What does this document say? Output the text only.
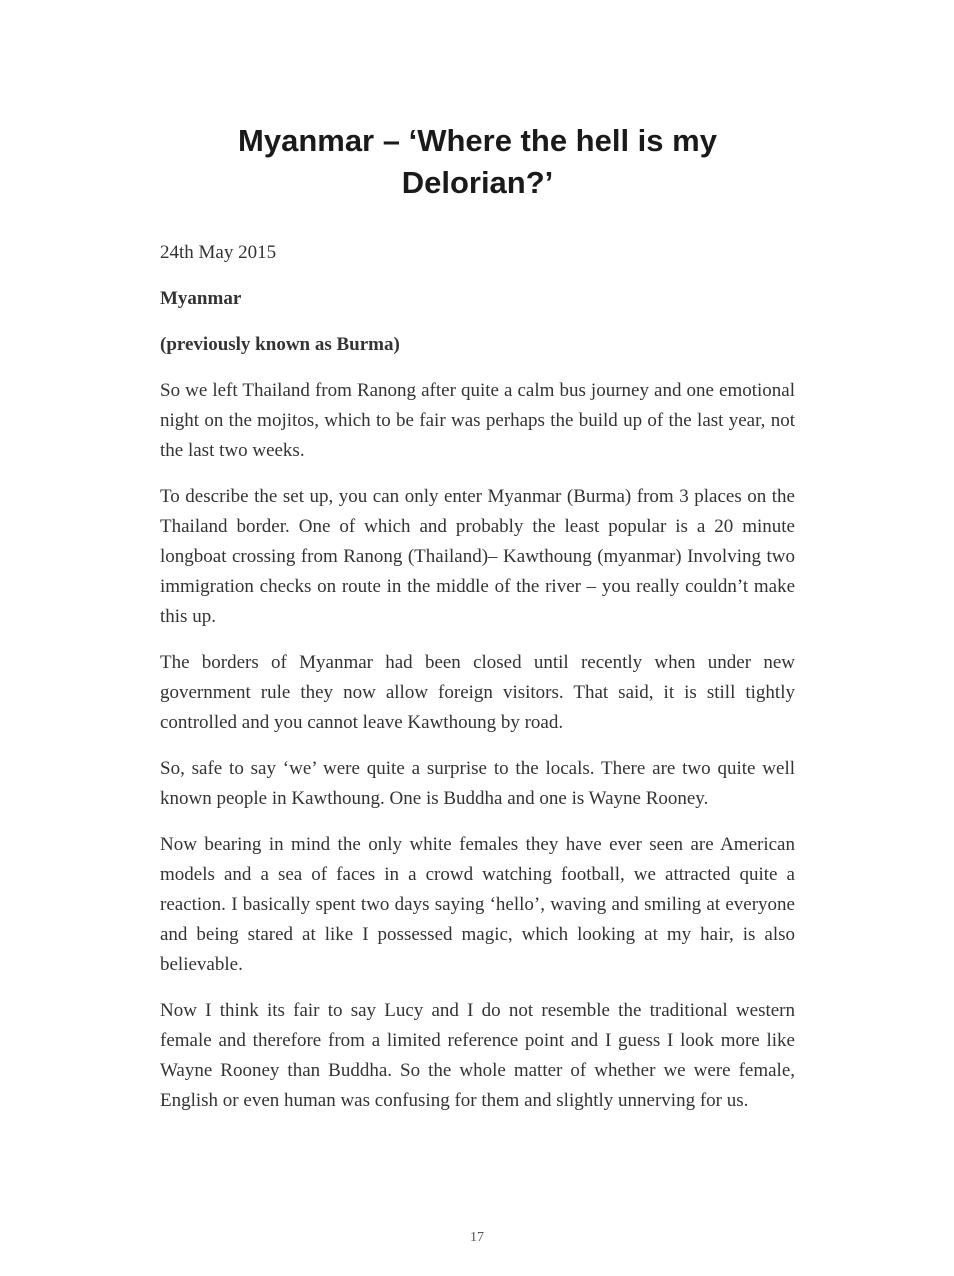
Myanmar – ‘Where the hell is my Delorian?’

24th May 2015

Myanmar

(previously known as Burma)

So we left Thailand from Ranong after quite a calm bus journey and one emotional night on the mojitos, which to be fair was perhaps the build up of the last year, not the last two weeks.

To describe the set up, you can only enter Myanmar (Burma) from 3 places on the Thailand border. One of which and probably the least popular is a 20 minute longboat crossing from Ranong (Thailand)– Kawthoung (myanmar) Involving two immigration checks on route in the middle of the river – you really couldn’t make this up.

The borders of Myanmar had been closed until recently when under new government rule they now allow foreign visitors. That said, it is still tightly controlled and you cannot leave Kawthoung by road.

So, safe to say ‘we’ were quite a surprise to the locals. There are two quite well known people in Kawthoung. One is Buddha and one is Wayne Rooney.

Now bearing in mind the only white females they have ever seen are American models and a sea of faces in a crowd watching football, we attracted quite a reaction. I basically spent two days saying ‘hello’, waving and smiling at everyone and being stared at like I possessed magic, which looking at my hair, is also believable.

Now I think its fair to say Lucy and I do not resemble the traditional western female and therefore from a limited reference point and I guess I look more like Wayne Rooney than Buddha. So the whole matter of whether we were female, English or even human was confusing for them and slightly unnerving for us.

17
